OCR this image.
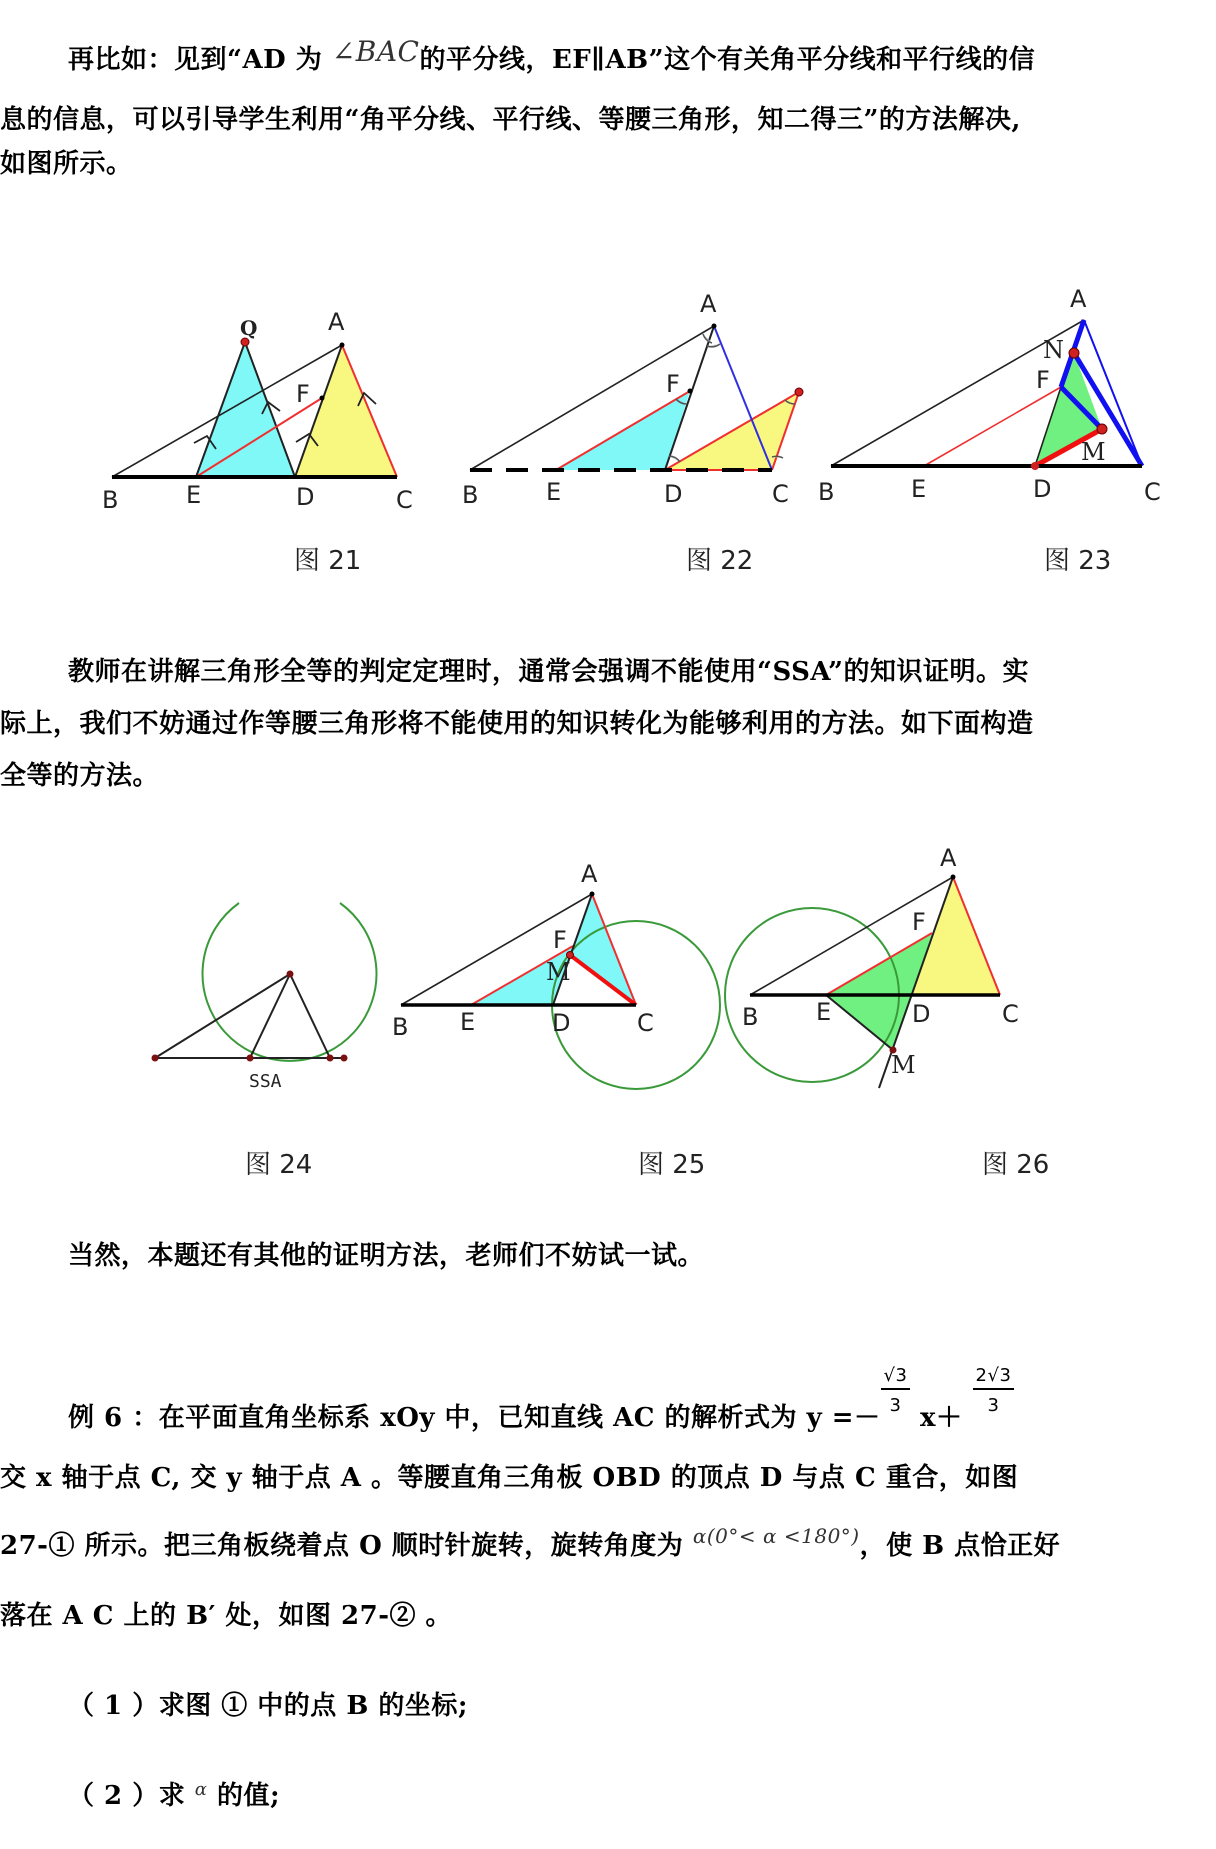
再比如：见到“AD 为 ∠BAC的平分线，EF∥AB”这个有关角平分线和平行线的信
息的信息，可以引导学生利用“角平分线、平行线、等腰三角形，知二得三”的方法解决,
如图所示。
Q	A
F
B	E	D	C
A
F
B	E	D	C
A
N
F
M
B	E	D	C
图 21	图 22	图 23
教师在讲解三角形全等的判定定理时，通常会强调不能使用“SSA”的知识证明。实
际上，我们不妨通过作等腰三角形将不能使用的知识转化为能够利用的方法。如下面构造
全等的方法。
SSA
A
F
M
B E	D	C
A
F
M
B E	D	C
图 24	图 25	图 26
当然，本题还有其他的证明方法，老师们不妨试一试。
例 6 ：在平面直角坐标系 xOy 中，已知直线 AC 的解析式为 y =－
$\frac{√3}{3}$
x＋
$\frac{2√3}{3}$
交 x 轴于点 C, 交 y 轴于点 A 。等腰直角三角板 OBD 的顶点 D 与点 C 重合，如图
27-① 所示。把三角板绕着点 O 顺时针旋转，旋转角度为 α(0°< α <180°)，使 B 点恰正好
落在 A C 上的 B′ 处，如图 27-② 。
（ 1 ）求图 ① 中的点 B 的坐标;
（ 2 ）求 $^\alpha$ 的值;
